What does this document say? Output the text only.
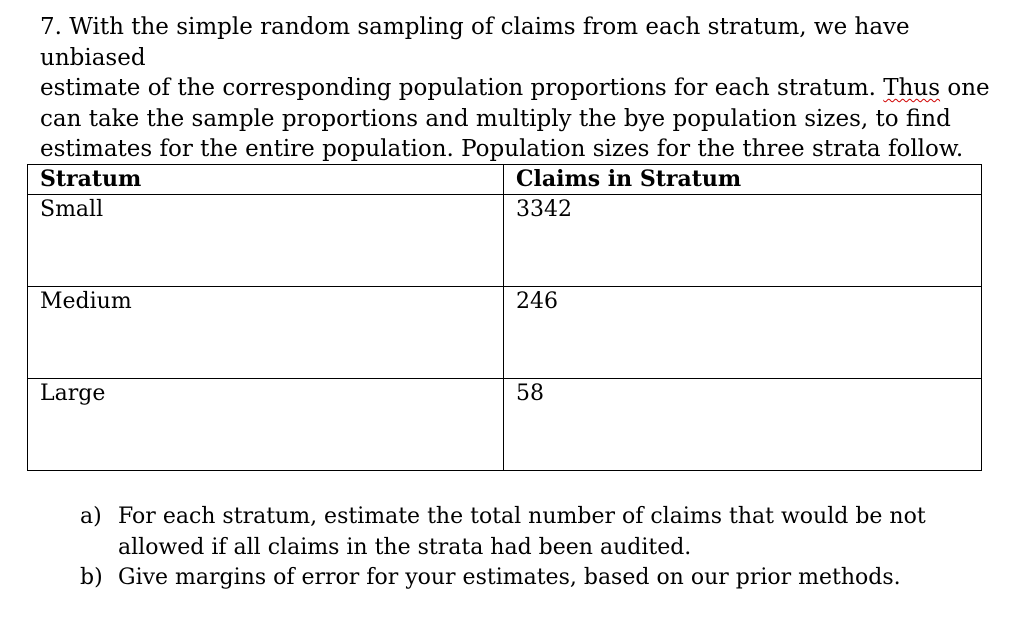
7. With the simple random sampling of claims from each stratum, we have unbiased

estimate of the corresponding population proportions for each stratum. Thus one

can take the sample proportions and multiply the bye population sizes, to find

estimates for the entire population. Population sizes for the three strata follow.

Stratum	Claims in Stratum
Small	3342
Medium	246
Large	58
a) For each stratum, estimate the total number of claims that would be not
allowed if all claims in the strata had been audited.
b) Give margins of error for your estimates, based on our prior methods.
